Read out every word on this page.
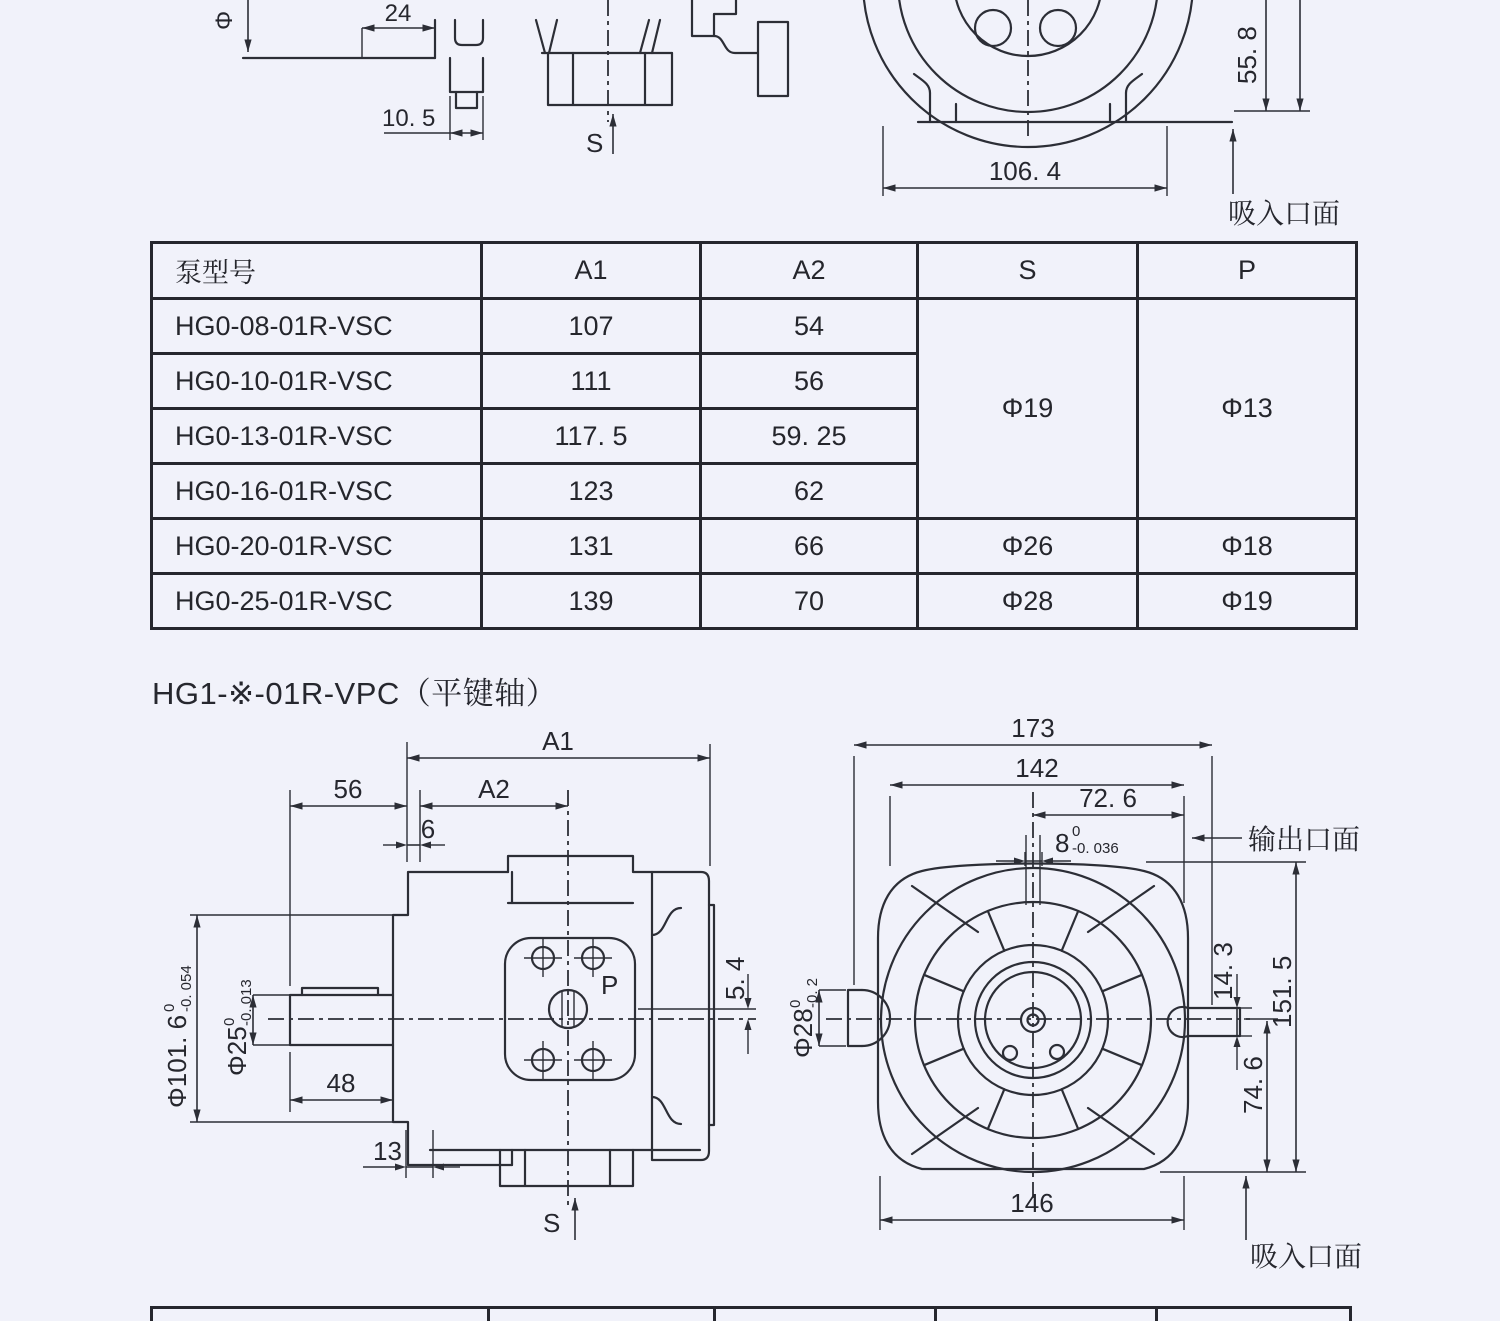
Φ	24
10. 5
S
55. 8
106. 4
吸入口面
泵型号	A1	A2	S	P
HG0-08-01R-VSC	107	54	Φ19	Φ13
HG0-10-01R-VSC	111	56		
HG0-13-01R-VSC	117. 5	59. 25		
HG0-16-01R-VSC	123	62		
HG0-20-01R-VSC	131	66	Φ26	Φ18
HG0-25-01R-VSC	139	70	Φ28	Φ19
HG1-※-01R-VPC（平键轴）
P
A1
56	A2
6
Φ101. 6
0 -0. 054
Φ25
0 -0. 013
48
13
5. 4
S
173
142
72. 6
8 0
-0. 036	输出口面
Φ28
0 -0. 2	14. 3
74. 6
151. 5
146
吸入口面
